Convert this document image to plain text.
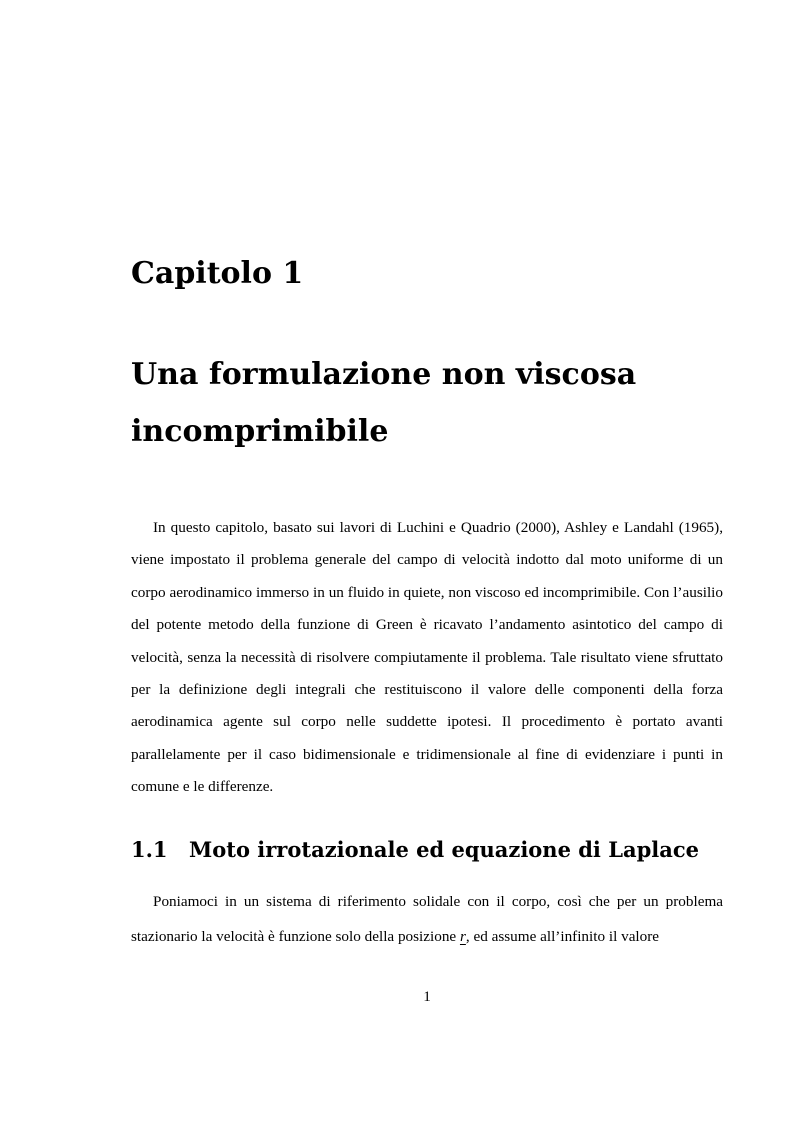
Capitolo 1
Una formulazione non viscosa
incomprimibile

In questo capitolo, basato sui lavori di Luchini e Quadrio (2000), Ashley e Landahl (1965), viene impostato il problema generale del campo di velocità indotto dal moto uniforme di un corpo aerodinamico immerso in un fluido in quiete, non viscoso ed incomprimibile. Con l’ausilio del potente metodo della funzione di Green è ricavato l’andamento asintotico del campo di velocità, senza la necessità di risolvere compiutamente il problema. Tale risultato viene sfruttato per la definizione degli integrali che restituiscono il valore delle componenti della forza aerodinamica agente sul corpo nelle suddette ipotesi. Il procedimento è portato avanti parallelamente per il caso bidimensionale e tridimensionale al fine di evidenziare i punti in comune e le differenze.

1.1 Moto irrotazionale ed equazione di Laplace

Poniamoci in un sistema di riferimento solidale con il corpo, così che per un problema stazionario la velocità è funzione solo della posizione r, ed assume all’infinito il valore

1
